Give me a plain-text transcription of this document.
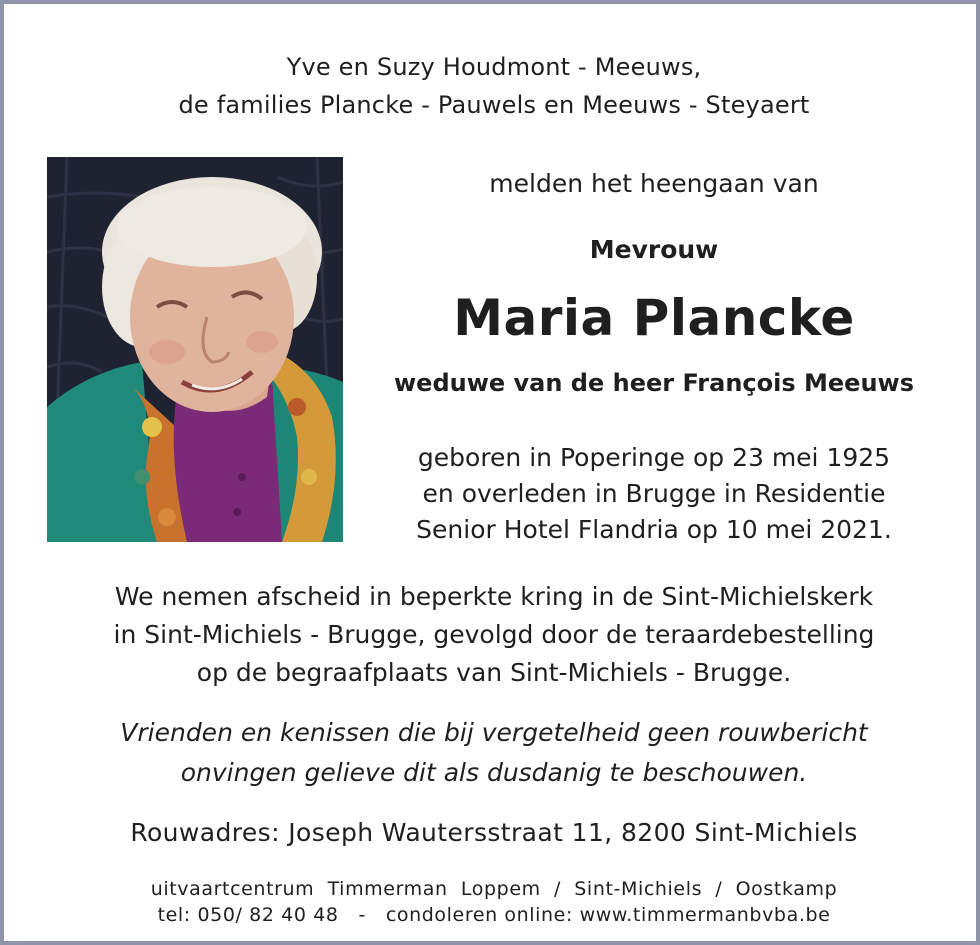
Yve en Suzy Houdmont - Meeuws,
de families Plancke - Pauwels en Meeuws - Steyaert
melden het heengaan van
Mevrouw
Maria Plancke
weduwe van de heer François Meeuws
geboren in Poperinge op 23 mei 1925
en overleden in Brugge in Residentie
Senior Hotel Flandria op 10 mei 2021.
We nemen afscheid in beperkte kring in de Sint-Michielskerk
in Sint-Michiels - Brugge, gevolgd door de teraardebestelling
op de begraafplaats van Sint-Michiels - Brugge.
Vrienden en kenissen die bij vergetelheid geen rouwbericht
onvingen gelieve dit als dusdanig te beschouwen.
Rouwadres: Joseph Wautersstraat 11, 8200 Sint-Michiels
uitvaartcentrum  Timmerman  Loppem  /  Sint-Michiels  /  Oostkamp
tel: 050/ 82 40 48   -   condoleren online: www.timmermanbvba.be
